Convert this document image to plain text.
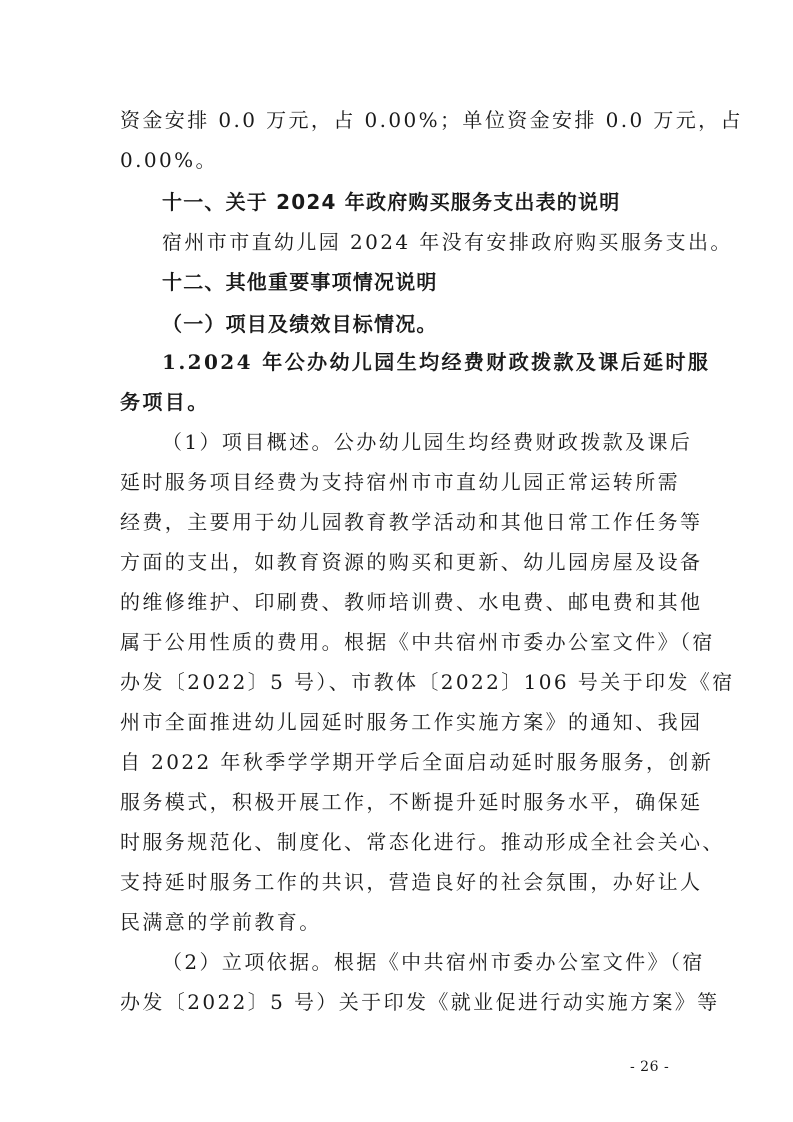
资金安排 0.0 万元，占 0.00%；单位资金安排 0.0 万元，占
0.00%。
十一、关于 2024 年政府购买服务支出表的说明
宿州市市直幼儿园 2024 年没有安排政府购买服务支出。
十二、其他重要事项情况说明
（一）项目及绩效目标情况。
1.2024 年公办幼儿园生均经费财政拨款及课后延时服
务项目。
（1）项目概述。公办幼儿园生均经费财政拨款及课后
延时服务项目经费为支持宿州市市直幼儿园正常运转所需
经费，主要用于幼儿园教育教学活动和其他日常工作任务等
方面的支出，如教育资源的购买和更新、幼儿园房屋及设备
的维修维护、印刷费、教师培训费、水电费、邮电费和其他
属于公用性质的费用。根据《中共宿州市委办公室文件》（宿
办发〔2022〕5 号）、市教体〔2022〕106 号关于印发《宿
州市全面推进幼儿园延时服务工作实施方案》的通知、我园
自 2022 年秋季学学期开学后全面启动延时服务服务，创新
服务模式，积极开展工作，不断提升延时服务水平，确保延
时服务规范化、制度化、常态化进行。推动形成全社会关心、
支持延时服务工作的共识，营造良好的社会氛围，办好让人
民满意的学前教育。
（2）立项依据。根据《中共宿州市委办公室文件》（宿
办发〔2022〕5 号）关于印发《就业促进行动实施方案》等
- 26 -
